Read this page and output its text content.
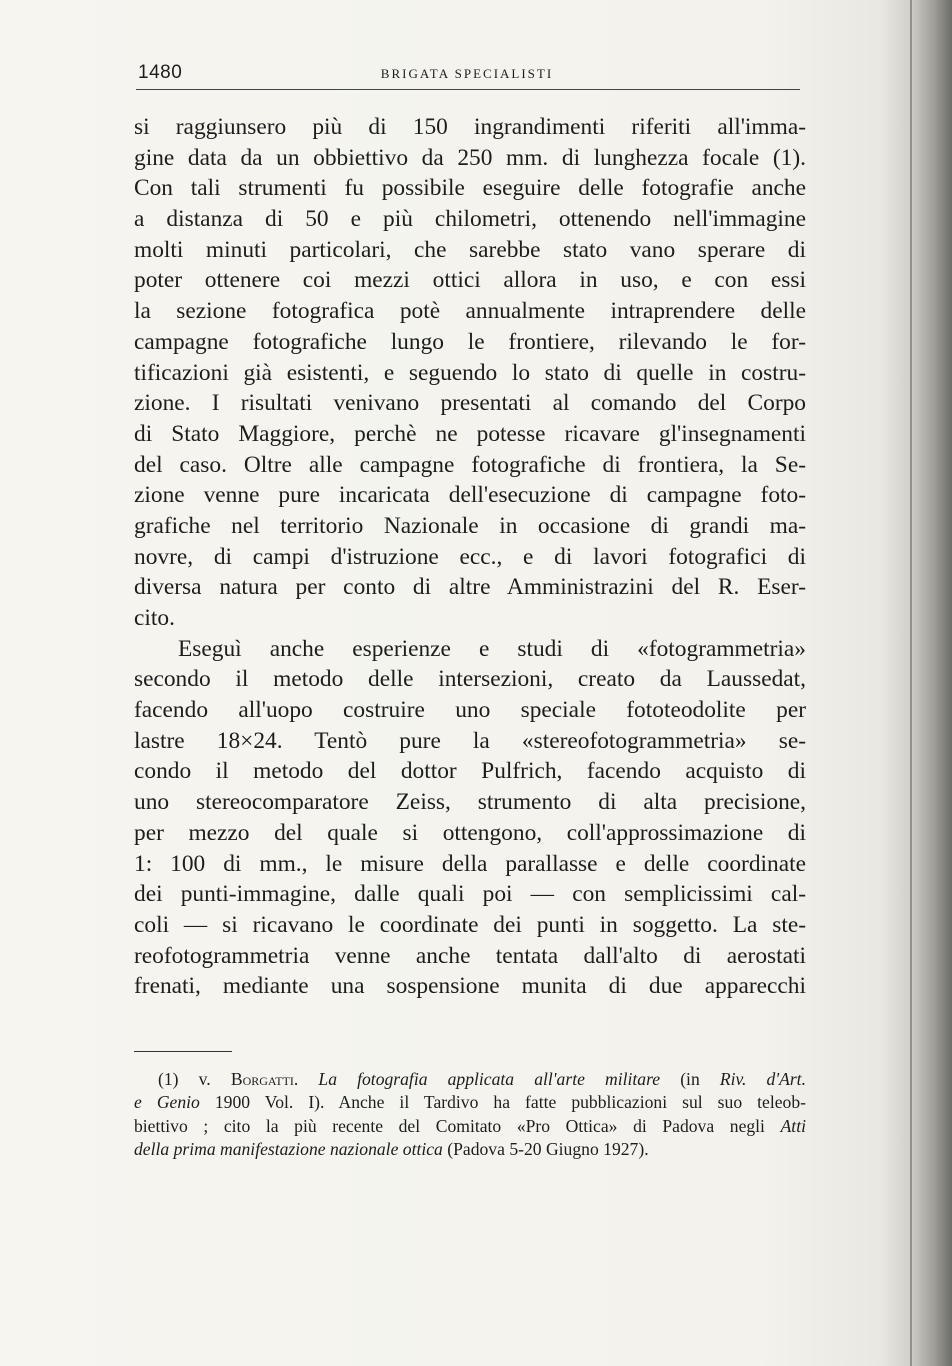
1480	BRIGATA SPECIALISTI
si raggiunsero più di 150 ingrandimenti riferiti all'imma-
gine data da un obbiettivo da 250 mm. di lunghezza focale (1).
Con tali strumenti fu possibile eseguire delle fotografie anche
a distanza di 50 e più chilometri, ottenendo nell'immagine
molti minuti particolari, che sarebbe stato vano sperare di
poter ottenere coi mezzi ottici allora in uso, e con essi
la sezione fotografica potè annualmente intraprendere delle
campagne fotografiche lungo le frontiere, rilevando le for-
tificazioni già esistenti, e seguendo lo stato di quelle in costru-
zione. I risultati venivano presentati al comando del Corpo
di Stato Maggiore, perchè ne potesse ricavare gl'insegnamenti
del caso. Oltre alle campagne fotografiche di frontiera, la Se-
zione venne pure incaricata dell'esecuzione di campagne foto-
grafiche nel territorio Nazionale in occasione di grandi ma-
novre, di campi d'istruzione ecc., e di lavori fotografici di
diversa natura per conto di altre Amministrazini del R. Eser-
cito.
Eseguì anche esperienze e studi di «fotogrammetria»
secondo il metodo delle intersezioni, creato da Laussedat,
facendo all'uopo costruire uno speciale fototeodolite per
lastre 18×24. Tentò pure la «stereofotogrammetria» se-
condo il metodo del dottor Pulfrich, facendo acquisto di
uno stereocomparatore Zeiss, strumento di alta precisione,
per mezzo del quale si ottengono, coll'approssimazione di
1: 100 di mm., le misure della parallasse e delle coordinate
dei punti-immagine, dalle quali poi — con semplicissimi cal-
coli — si ricavano le coordinate dei punti in soggetto. La ste-
reofotogrammetria venne anche tentata dall'alto di aerostati
frenati, mediante una sospensione munita di due apparecchi
(1) v. Borgatti. La fotografia applicata all'arte militare (in Riv. d'Art.
e Genio 1900 Vol. I). Anche il Tardivo ha fatte pubblicazioni sul suo teleob-
biettivo ; cito la più recente del Comitato «Pro Ottica» di Padova negli Atti
della prima manifestazione nazionale ottica (Padova 5-20 Giugno 1927).
